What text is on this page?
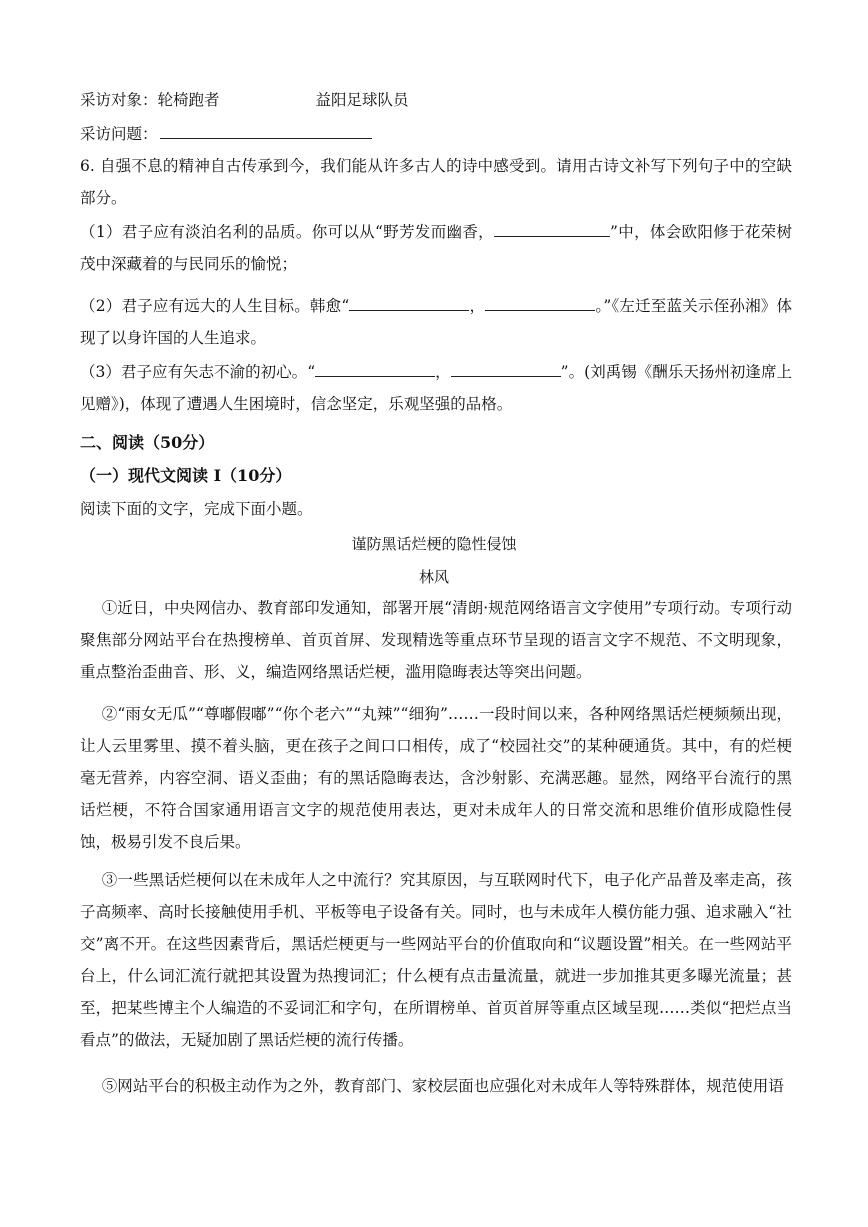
采访对象：轮椅跑者	益阳足球队员
采访问题：
6. 自强不息的精神自古传承到今，我们能从许多古人的诗中感受到。请用古诗文补写下列句子中的空缺部分。
（1）君子应有淡泊名利的品质。你可以从“野芳发而幽香，	”中，体会欧阳修于花荣树茂中深藏着的与民同乐的愉悦；
（2）君子应有远大的人生目标。韩愈“	，	。”《左迁至蓝关示侄孙湘》体现了以身许国的人生追求。
（3）君子应有矢志不渝的初心。“	，	”。(刘禹锡《酬乐天扬州初逢席上见赠》)，体现了遭遇人生困境时，信念坚定，乐观坚强的品格。
二、阅读（50分）
（一）现代文阅读 I（10分）
阅读下面的文字，完成下面小题。
谨防黑话烂梗的隐性侵蚀
林风
①近日，中央网信办、教育部印发通知，部署开展“清朗·规范网络语言文字使用”专项行动。专项行动聚焦部分网站平台在热搜榜单、首页首屏、发现精选等重点环节呈现的语言文字不规范、不文明现象，重点整治歪曲音、形、义，编造网络黑话烂梗，滥用隐晦表达等突出问题。
②“雨女无瓜”“尊嘟假嘟”“你个老六”“丸辣”“细狗”……一段时间以来，各种网络黑话烂梗频频出现，让人云里雾里、摸不着头脑，更在孩子之间口口相传，成了“校园社交”的某种硬通货。其中，有的烂梗毫无营养，内容空洞、语义歪曲；有的黑话隐晦表达，含沙射影、充满恶趣。显然，网络平台流行的黑话烂梗，不符合国家通用语言文字的规范使用表达，更对未成年人的日常交流和思维价值形成隐性侵蚀，极易引发不良后果。
③一些黑话烂梗何以在未成年人之中流行？究其原因，与互联网时代下，电子化产品普及率走高，孩子高频率、高时长接触使用手机、平板等电子设备有关。同时，也与未成年人模仿能力强、追求融入“社交”离不开。在这些因素背后，黑话烂梗更与一些网站平台的价值取向和“议题设置”相关。在一些网站平台上，什么词汇流行就把其设置为热搜词汇；什么梗有点击量流量，就进一步加推其更多曝光流量；甚至，把某些博主个人编造的不妥词汇和字句，在所谓榜单、首页首屏等重点区域呈现……类似“把烂点当看点”的做法，无疑加剧了黑话烂梗的流行传播。
⑤网站平台的积极主动作为之外，教育部门、家校层面也应强化对未成年人等特殊群体，规范使用语
